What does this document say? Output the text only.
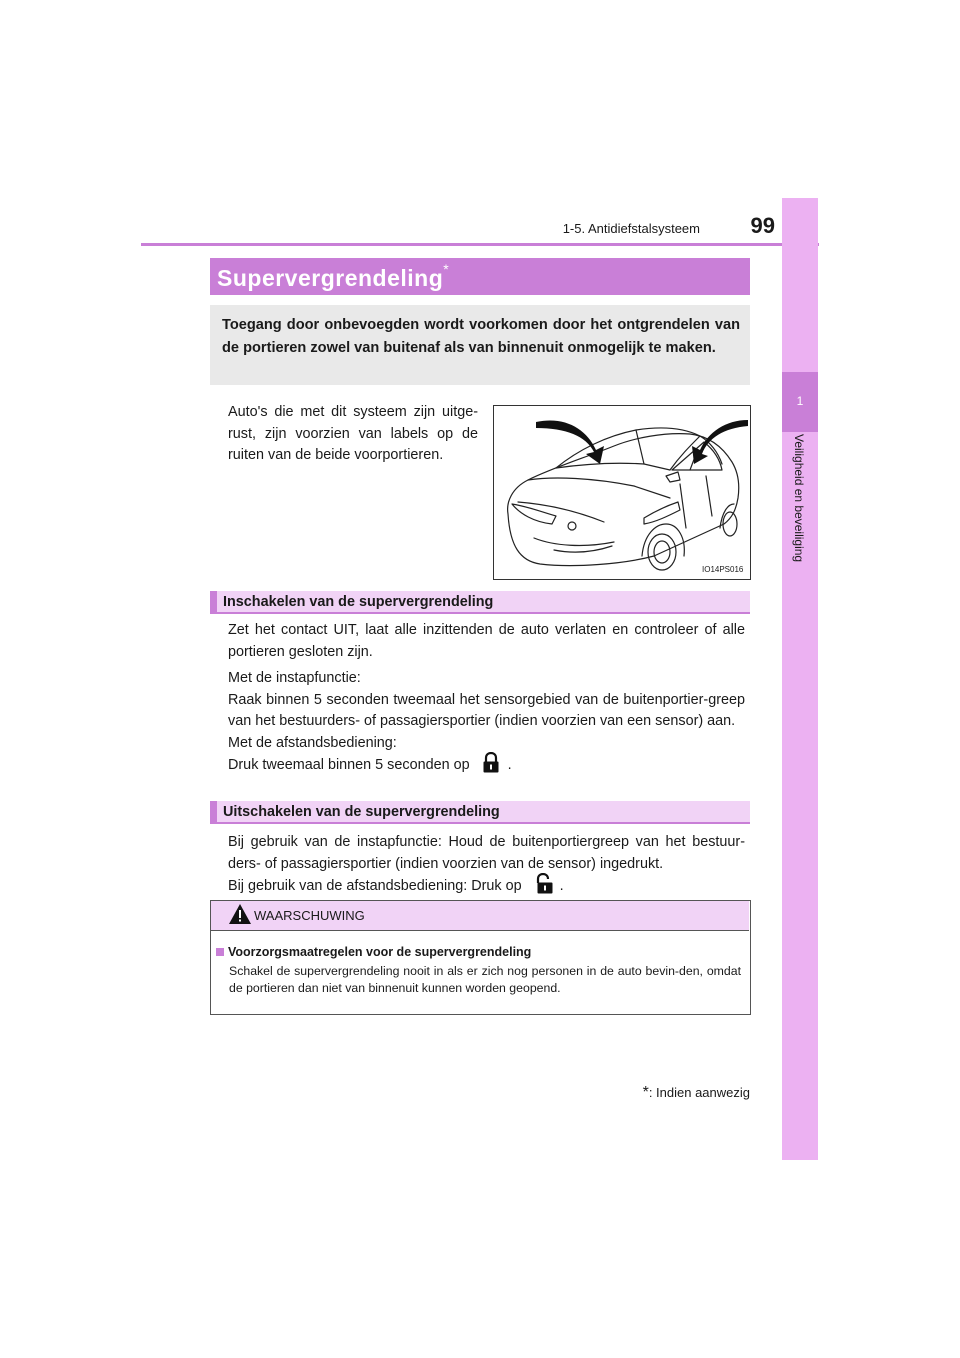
1-5. Antidiefstalsysteem	99
1
Veiligheid en beveiliging
Supervergrendeling*
Toegang door onbevoegden wordt voorkomen door het ontgrendelen van de portieren zowel van buitenaf als van binnenuit onmogelijk te maken.
Auto's die met dit systeem zijn uitge-rust, zijn voorzien van labels op de ruiten van de beide voorportieren.
IO14PS016
Inschakelen van de supervergrendeling
Zet het contact UIT, laat alle inzittenden de auto verlaten en controleer of alle portieren gesloten zijn.
Met de instapfunctie:
Raak binnen 5 seconden tweemaal het sensorgebied van de buitenportier-greep van het bestuurders- of passagiersportier (indien voorzien van een sensor) aan.
Met de afstandsbediening:
Druk tweemaal binnen 5 seconden op	.
Uitschakelen van de supervergrendeling
Bij gebruik van de instapfunctie: Houd de buitenportiergreep van het bestuur-ders- of passagiersportier (indien voorzien van de sensor) ingedrukt.
Bij gebruik van de afstandsbediening: Druk op	.
WAARSCHUWING
Voorzorgsmaatregelen voor de supervergrendeling
Schakel de supervergrendeling nooit in als er zich nog personen in de auto bevin-den, omdat de portieren dan niet van binnenuit kunnen worden geopend.
*: Indien aanwezig
